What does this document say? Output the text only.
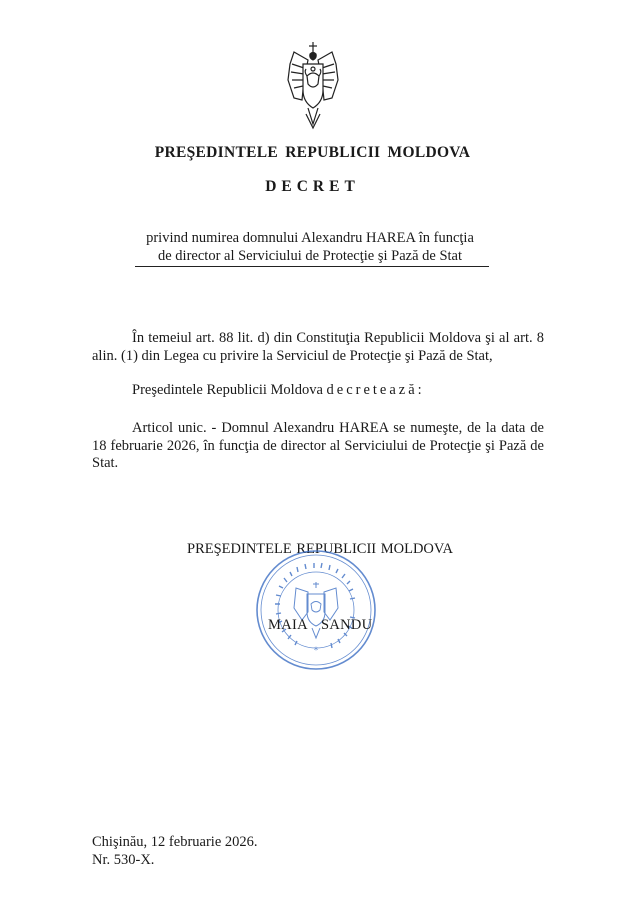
PREŞEDINTELE REPUBLICII MOLDOVA
DECRET
privind numirea domnului Alexandru HAREA în funcţia
de director al Serviciului de Protecţie şi Pază de Stat
În temeiul art. 88 lit. d) din Constituţia Republicii Moldova şi al art. 8 alin. (1) din Legea cu privire la Serviciul de Protecţie şi Pază de Stat,
Preşedintele Republicii Moldova decretează:
Articol unic. - Domnul Alexandru HAREA se numeşte, de la data de 18 februarie 2026, în funcţia de director al Serviciului de Protecţie şi Pază de Stat.
PREŞEDINTELE REPUBLICII MOLDOVA
*
MAIA SANDU
Chişinău, 12 februarie 2026.
Nr. 530-X.
